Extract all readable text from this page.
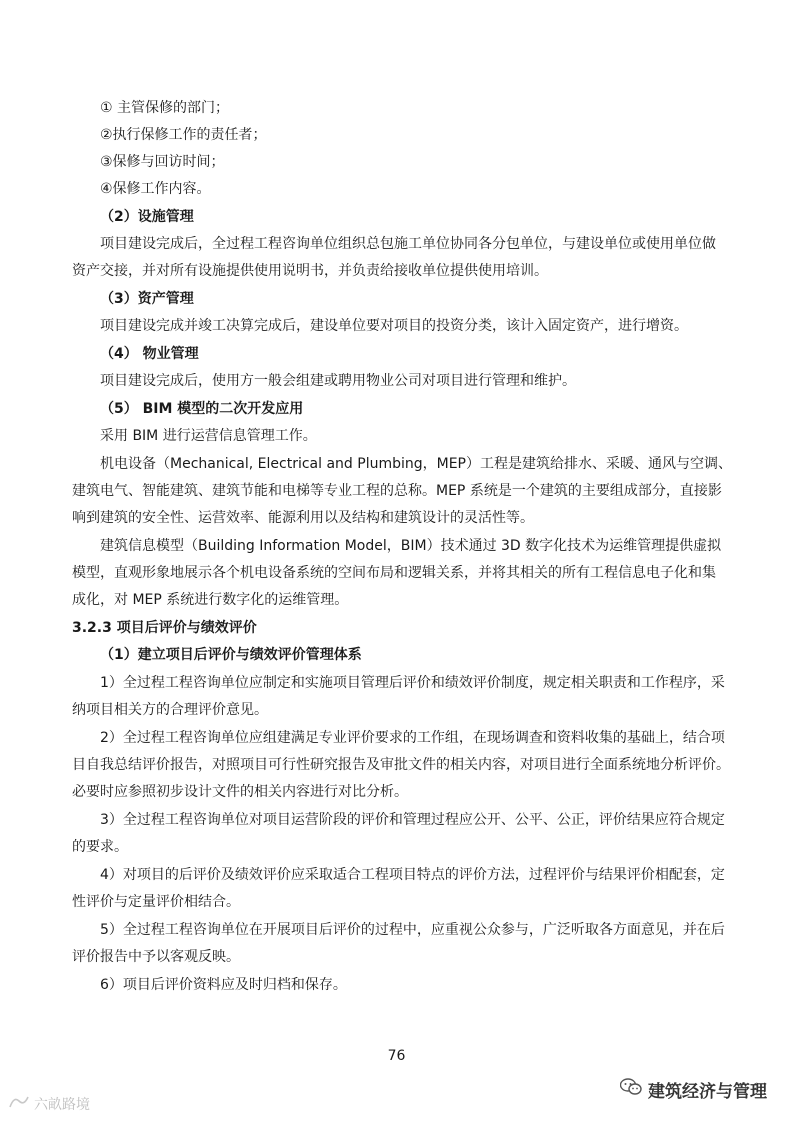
① 主管保修的部门；
②执行保修工作的责任者；
③保修与回访时间；
④保修工作内容。
（2）设施管理
项目建设完成后，全过程工程咨询单位组织总包施工单位协同各分包单位，与建设单位或使用单位做
资产交接，并对所有设施提供使用说明书，并负责给接收单位提供使用培训。
（3）资产管理
项目建设完成并竣工决算完成后，建设单位要对项目的投资分类，该计入固定资产，进行增资。
（4） 物业管理
项目建设完成后，使用方一般会组建或聘用物业公司对项目进行管理和维护。
（5） BIM 模型的二次开发应用
采用 BIM 进行运营信息管理工作。
机电设备（Mechanical, Electrical and Plumbing，MEP）工程是建筑给排水、采暖、通风与空调、
建筑电气、智能建筑、建筑节能和电梯等专业工程的总称。MEP 系统是一个建筑的主要组成部分，直接影
响到建筑的安全性、运营效率、能源利用以及结构和建筑设计的灵活性等。
建筑信息模型（Building Information Model，BIM）技术通过 3D 数字化技术为运维管理提供虚拟
模型，直观形象地展示各个机电设备系统的空间布局和逻辑关系，并将其相关的所有工程信息电子化和集
成化，对 MEP 系统进行数字化的运维管理。
3.2.3 项目后评价与绩效评价
（1）建立项目后评价与绩效评价管理体系
1）全过程工程咨询单位应制定和实施项目管理后评价和绩效评价制度，规定相关职责和工作程序，采
纳项目相关方的合理评价意见。
2）全过程工程咨询单位应组建满足专业评价要求的工作组，在现场调查和资料收集的基础上，结合项
目自我总结评价报告，对照项目可行性研究报告及审批文件的相关内容，对项目进行全面系统地分析评价。
必要时应参照初步设计文件的相关内容进行对比分析。
3）全过程工程咨询单位对项目运营阶段的评价和管理过程应公开、公平、公正，评价结果应符合规定
的要求。
4）对项目的后评价及绩效评价应采取适合工程项目特点的评价方法，过程评价与结果评价相配套，定
性评价与定量评价相结合。
5）全过程工程咨询单位在开展项目后评价的过程中，应重视公众参与，广泛听取各方面意见，并在后
评价报告中予以客观反映。
6）项目后评价资料应及时归档和保存。
76
建筑经济与管理
六畝路境
